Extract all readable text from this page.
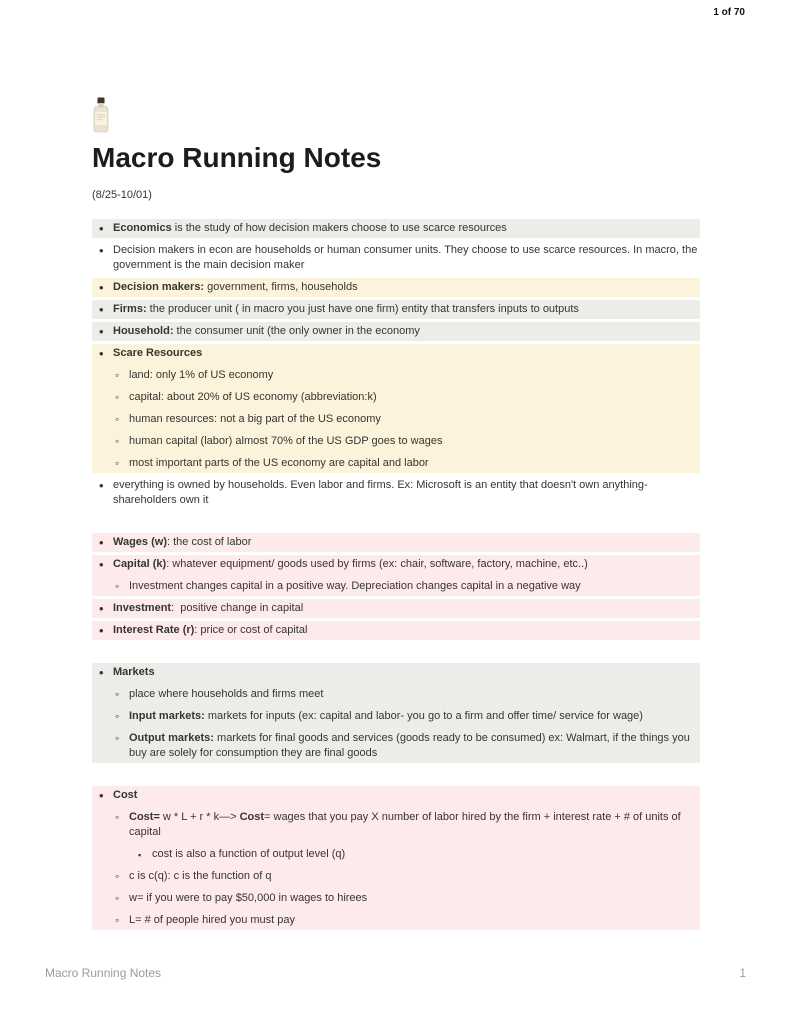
1 of 70
Macro Running Notes
(8/25-10/01)
• Economics is the study of how decision makers choose to use scarce resources
• Decision makers in econ are households or human consumer units. They choose to use scarce resources. In macro, the government is the main decision maker
• Decision makers: government, firms, households
• Firms: the producer unit ( in macro you just have one firm) entity that transfers inputs to outputs
• Household: the consumer unit (the only owner in the economy
• Scare Resources
◦ land: only 1% of US economy
◦ capital: about 20% of US economy (abbreviation:k)
◦ human resources: not a big part of the US economy
◦ human capital (labor) almost 70% of the US GDP goes to wages
◦ most important parts of the US economy are capital and labor
• everything is owned by households. Even labor and firms. Ex: Microsoft is an entity that doesn't own anything- shareholders own it
• Wages (w): the cost of labor
• Capital (k): whatever equipment/ goods used by firms (ex: chair, software, factory, machine, etc..)
◦ Investment changes capital in a positive way. Depreciation changes capital in a negative way
• Investment:  positive change in capital
• Interest Rate (r): price or cost of capital
• Markets
◦ place where households and firms meet
◦ Input markets: markets for inputs (ex: capital and labor- you go to a firm and offer time/ service for wage)
◦ Output markets: markets for final goods and services (goods ready to be consumed) ex: Walmart, if the things you buy are solely for consumption they are final goods
• Cost
◦ Cost= w * L + r * k—> Cost= wages that you pay X number of labor hired by the firm + interest rate + # of units of capital
▪ cost is also a function of output level (q)
◦ c is c(q): c is the function of q
◦ w= if you were to pay $50,000 in wages to hirees
◦ L= # of people hired you must pay
Macro Running Notes	1
